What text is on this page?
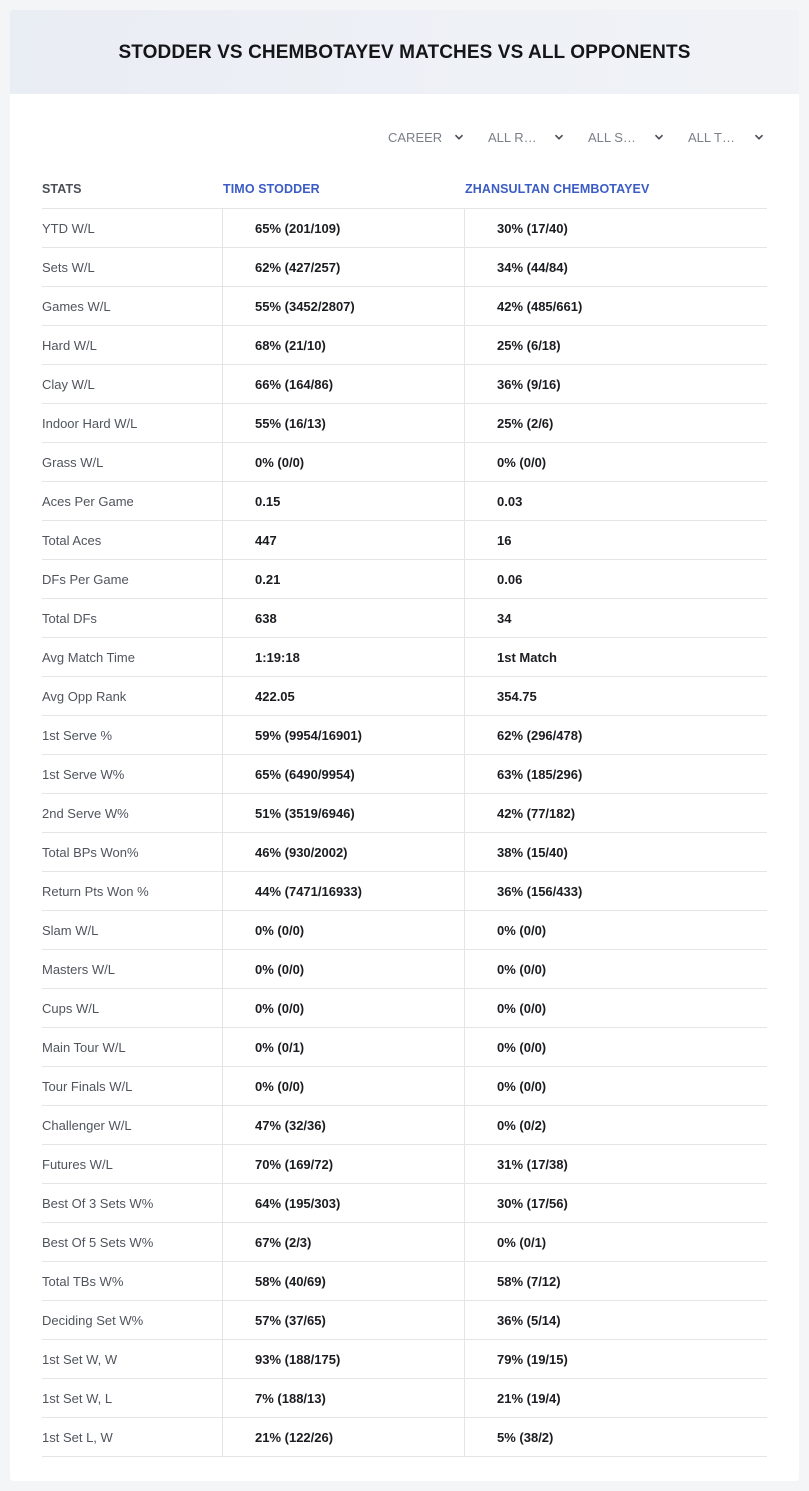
STODDER VS CHEMBOTAYEV MATCHES VS ALL OPPONENTS
CAREER	ALL R…	ALL S…	ALL T…
STATS	TIMO STODDER	ZHANSULTAN CHEMBOTAYEV
YTD W/L	65% (201/109)	30% (17/40)
Sets W/L	62% (427/257)	34% (44/84)
Games W/L	55% (3452/2807)	42% (485/661)
Hard W/L	68% (21/10)	25% (6/18)
Clay W/L	66% (164/86)	36% (9/16)
Indoor Hard W/L	55% (16/13)	25% (2/6)
Grass W/L	0% (0/0)	0% (0/0)
Aces Per Game	0.15	0.03
Total Aces	447	16
DFs Per Game	0.21	0.06
Total DFs	638	34
Avg Match Time	1:19:18	1st Match
Avg Opp Rank	422.05	354.75
1st Serve %	59% (9954/16901)	62% (296/478)
1st Serve W%	65% (6490/9954)	63% (185/296)
2nd Serve W%	51% (3519/6946)	42% (77/182)
Total BPs Won%	46% (930/2002)	38% (15/40)
Return Pts Won %	44% (7471/16933)	36% (156/433)
Slam W/L	0% (0/0)	0% (0/0)
Masters W/L	0% (0/0)	0% (0/0)
Cups W/L	0% (0/0)	0% (0/0)
Main Tour W/L	0% (0/1)	0% (0/0)
Tour Finals W/L	0% (0/0)	0% (0/0)
Challenger W/L	47% (32/36)	0% (0/2)
Futures W/L	70% (169/72)	31% (17/38)
Best Of 3 Sets W%	64% (195/303)	30% (17/56)
Best Of 5 Sets W%	67% (2/3)	0% (0/1)
Total TBs W%	58% (40/69)	58% (7/12)
Deciding Set W%	57% (37/65)	36% (5/14)
1st Set W, W	93% (188/175)	79% (19/15)
1st Set W, L	7% (188/13)	21% (19/4)
1st Set L, W	21% (122/26)	5% (38/2)
